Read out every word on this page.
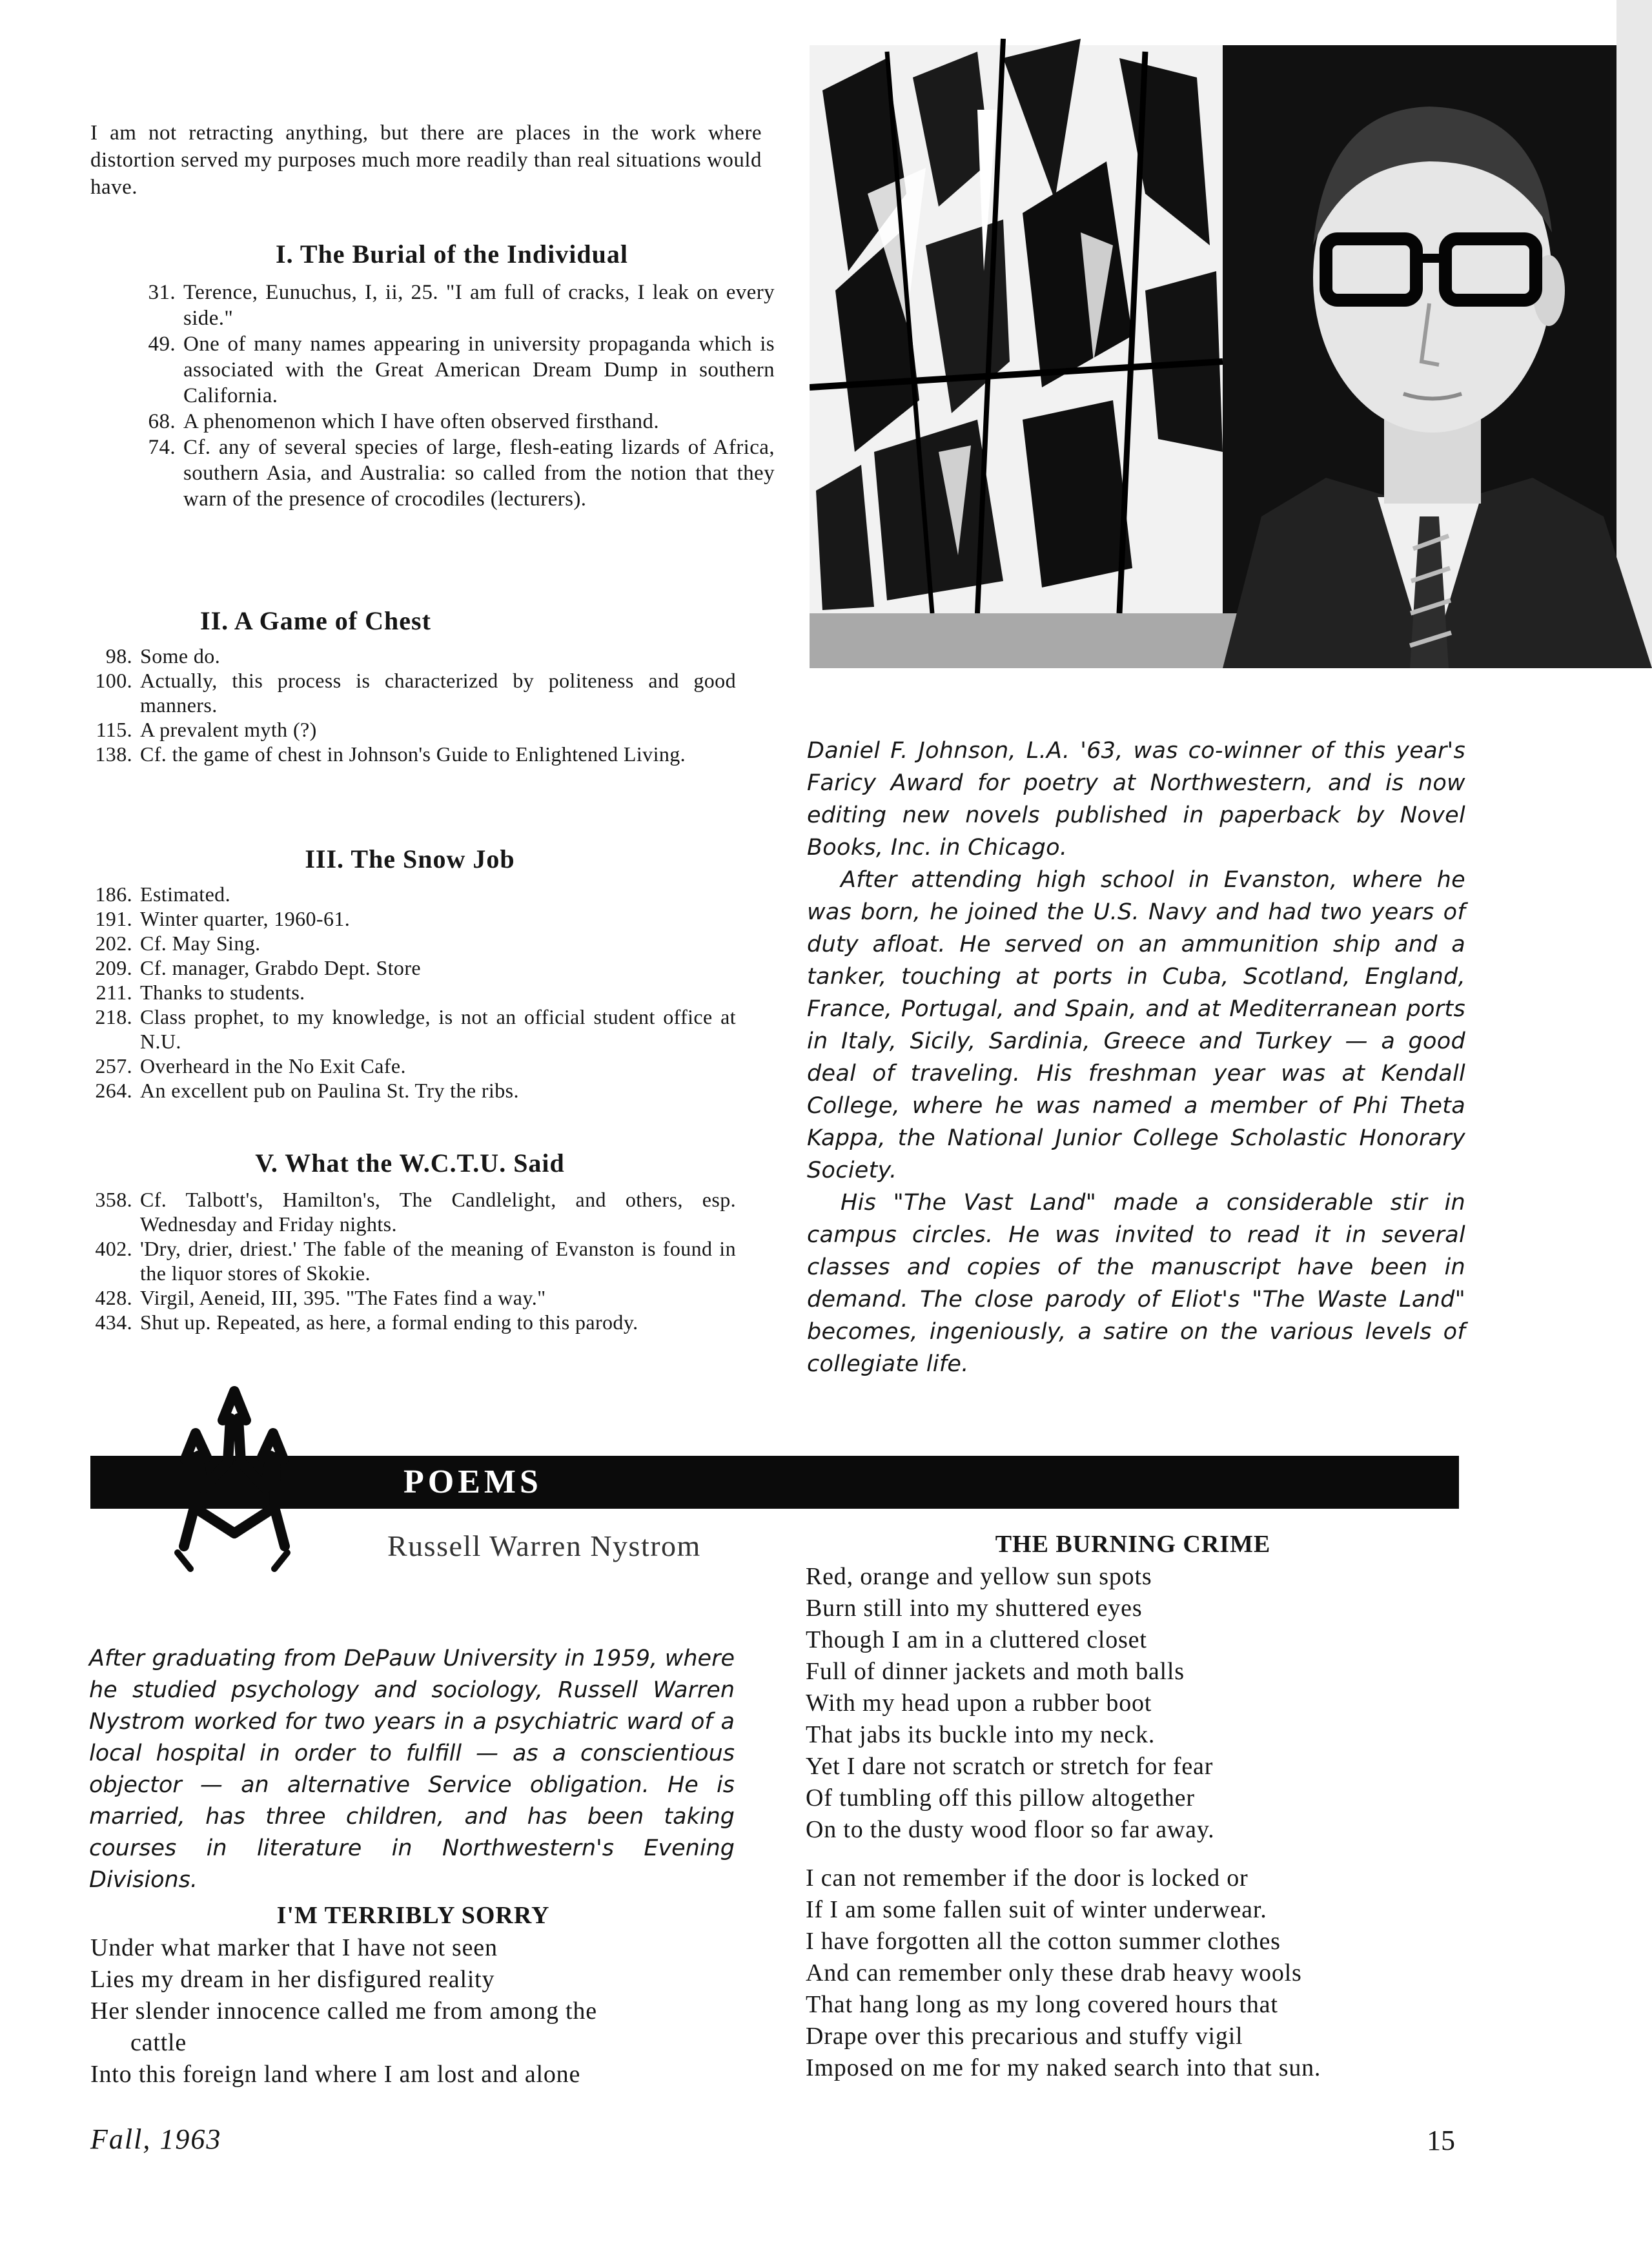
I am not retracting anything, but there are places in the work where distortion served my purposes much more readily than real situations would have.
I. The Burial of the Individual
31. Terence, Eunuchus, I, ii, 25. "I am full of cracks, I leak on every side."
49. One of many names appearing in university propaganda which is associated with the Great American Dream Dump in southern California.
68. A phenomenon which I have often observed firsthand.
74. Cf. any of several species of large, flesh-eating lizards of Africa, southern Asia, and Australia: so called from the notion that they warn of the presence of crocodiles (lecturers).
II. A Game of Chest
98. Some do.
100. Actually, this process is characterized by politeness and good manners.
115. A prevalent myth (?)
138. Cf. the game of chest in Johnson's Guide to Enlightened Living.
III. The Snow Job
186. Estimated.
191. Winter quarter, 1960-61.
202. Cf. May Sing.
209. Cf. manager, Grabdo Dept. Store
211. Thanks to students.
218. Class prophet, to my knowledge, is not an official student office at N.U.
257. Overheard in the No Exit Cafe.
264. An excellent pub on Paulina St. Try the ribs.
V. What the W.C.T.U. Said
358. Cf. Talbott's, Hamilton's, The Candlelight, and others, esp. Wednesday and Friday nights.
402. 'Dry, drier, driest.' The fable of the meaning of Evanston is found in the liquor stores of Skokie.
428. Virgil, Aeneid, III, 395. "The Fates find a way."
434. Shut up. Repeated, as here, a formal ending to this parody.

Daniel F. Johnson, L.A. '63, was co-winner of this year's Faricy Award for poetry at Northwestern, and is now editing new novels published in paperback by Novel Books, Inc. in Chicago.

After attending high school in Evanston, where he was born, he joined the U.S. Navy and had two years of duty afloat. He served on an ammunition ship and a tanker, touching at ports in Cuba, Scotland, England, France, Portugal, and Spain, and at Mediterranean ports in Italy, Sicily, Sardinia, Greece and Turkey — a good deal of traveling. His freshman year was at Kendall College, where he was named a member of Phi Theta Kappa, the National Junior College Scholastic Honorary Society.

His "The Vast Land" made a considerable stir in campus circles. He was invited to read it in several classes and copies of the manuscript have been in demand. The close parody of Eliot's "The Waste Land" becomes, ingeniously, a satire on the various levels of collegiate life.

POEMS
Russell Warren Nystrom
After graduating from DePauw University in 1959, where he studied psychology and sociology, Russell Warren Nystrom worked for two years in a psychiatric ward of a local hospital in order to fulfill — as a conscientious objector — an alternative Service obligation. He is married, has three children, and has been taking courses in literature in Northwestern's Evening Divisions.
I'M TERRIBLY SORRY
Under what marker that I have not seen
Lies my dream in her disfigured reality
Her slender innocence called me from among the
cattle
Into this foreign land where I am lost and alone
THE BURNING CRIME
Red, orange and yellow sun spots
Burn still into my shuttered eyes
Though I am in a cluttered closet
Full of dinner jackets and moth balls
With my head upon a rubber boot
That jabs its buckle into my neck.
Yet I dare not scratch or stretch for fear
Of tumbling off this pillow altogether
On to the dusty wood floor so far away.
I can not remember if the door is locked or
If I am some fallen suit of winter underwear.
I have forgotten all the cotton summer clothes
And can remember only these drab heavy wools
That hang long as my long covered hours that
Drape over this precarious and stuffy vigil
Imposed on me for my naked search into that sun.
Fall, 1963	15
